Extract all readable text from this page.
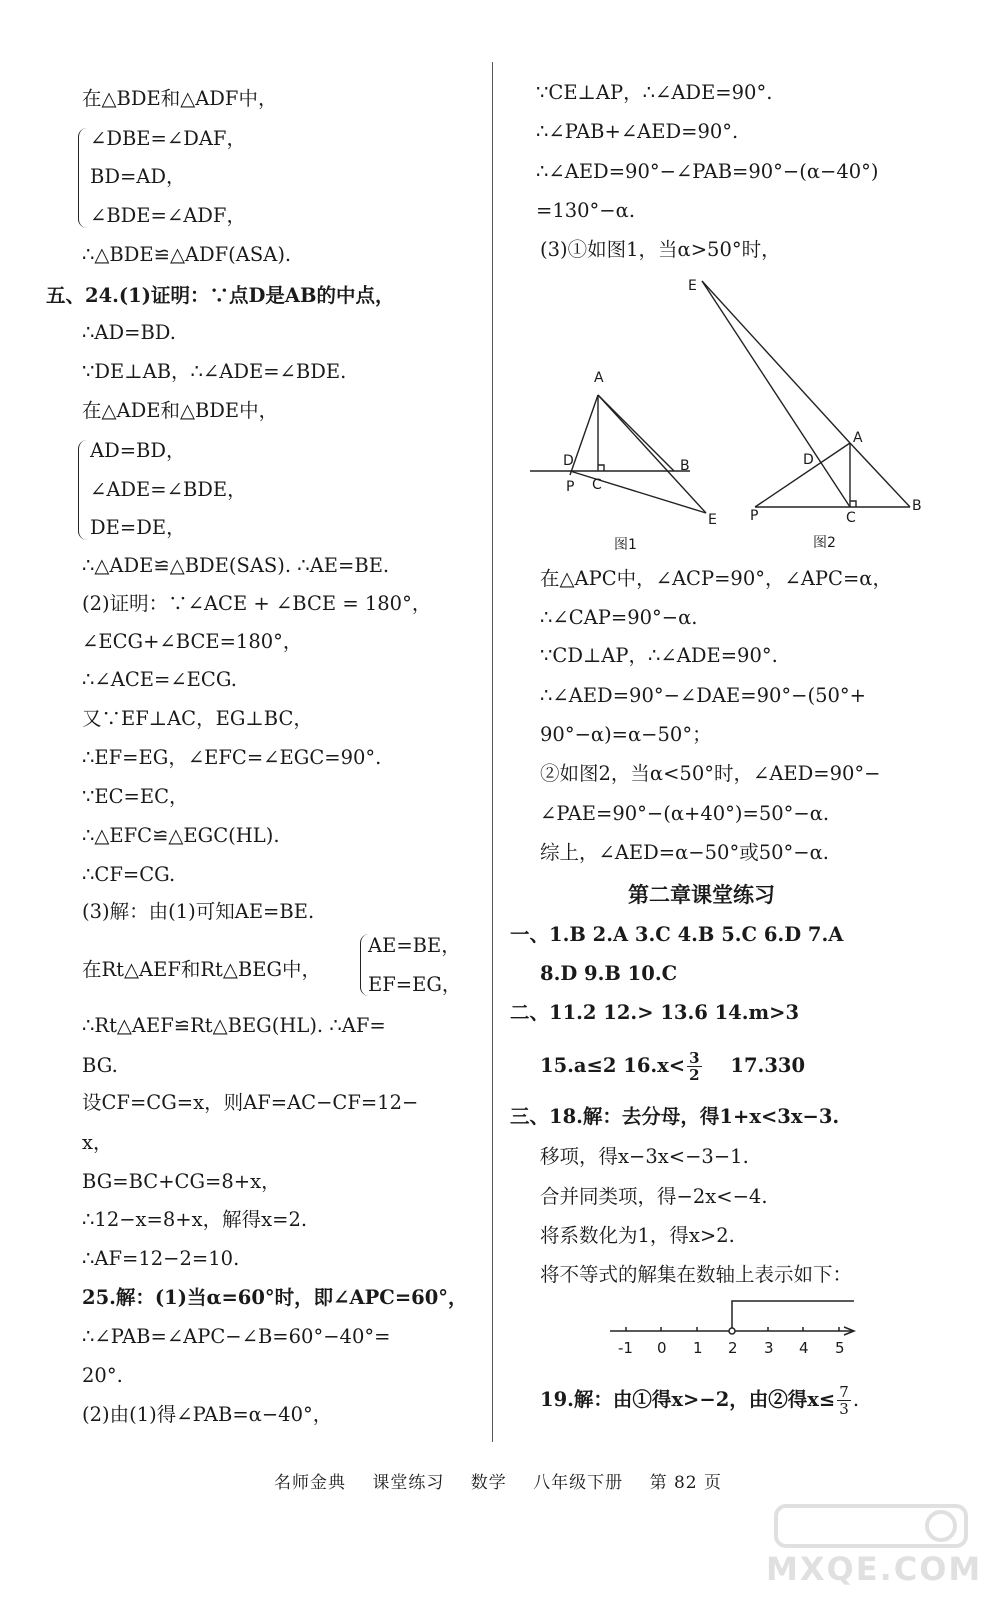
在△BDE和△ADF中，
∠DBE=∠DAF，
BD=AD，
∠BDE=∠ADF，
∴△BDE≌△ADF(ASA).
五、24.(1)证明：∵点D是AB的中点，
∴AD=BD.
∵DE⊥AB，∴∠ADE=∠BDE.
在△ADE和△BDE中，
AD=BD，
∠ADE=∠BDE，
DE=DE，
∴△ADE≌△BDE(SAS). ∴AE=BE.
(2)证明：∵∠ACE + ∠BCE = 180°，
∠ECG+∠BCE=180°，
∴∠ACE=∠ECG.
又∵EF⊥AC，EG⊥BC，
∴EF=EG，∠EFC=∠EGC=90°.
∵EC=EC，
∴△EFC≌△EGC(HL).
∴CF=CG.
(3)解：由(1)可知AE=BE.
在Rt△AEF和Rt△BEG中，
AE=BE，
EF=EG，
∴Rt△AEF≌Rt△BEG(HL). ∴AF=
BG.
设CF=CG=x，则AF=AC−CF=12−
x，
BG=BC+CG=8+x，
∴12−x=8+x，解得x=2.
∴AF=12−2=10.
25.解：(1)当α=60°时，即∠APC=60°，
∴∠PAB=∠APC−∠B=60°−40°=
20°.
(2)由(1)得∠PAB=α−40°，
∵CE⊥AP，∴∠ADE=90°.
∴∠PAB+∠AED=90°.
∴∠AED=90°−∠PAB=90°−(α−40°)
=130°−α.
(3)①如图1，当α>50°时，
A
D
P C
B
E
图1
E
A
D
P	C
B
图2
在△APC中，∠ACP=90°，∠APC=α，
∴∠CAP=90°−α.
∵CD⊥AP，∴∠ADE=90°.
∴∠AED=90°−∠DAE=90°−(50°+
90°−α)=α−50°；
②如图2，当α<50°时，∠AED=90°−
∠PAE=90°−(α+40°)=50°−α.
综上，∠AED=α−50°或50°−α.
第二章课堂练习
一、1.B 2.A 3.C 4.B 5.C 6.D 7.A
8.D 9.B 10.C
二、11.2 12.> 13.6 14.m>3
15.a≤2 $16.x< \frac{3}{2} 17.330$
三、18.解：去分母，得1+x<3x−3.
移项，得x−3x<−3−1.
合并同类项，得−2x<−4.
将系数化为1，得x>2.
将不等式的解集在数轴上表示如下：
-1 0 1 2 3 4 5
19.解：由①得x>−2，由②得$x\le \frac{7}{3}$ .
名师金典 课堂练习 数学 八年级下册 第 82 页
MXQE.COM
